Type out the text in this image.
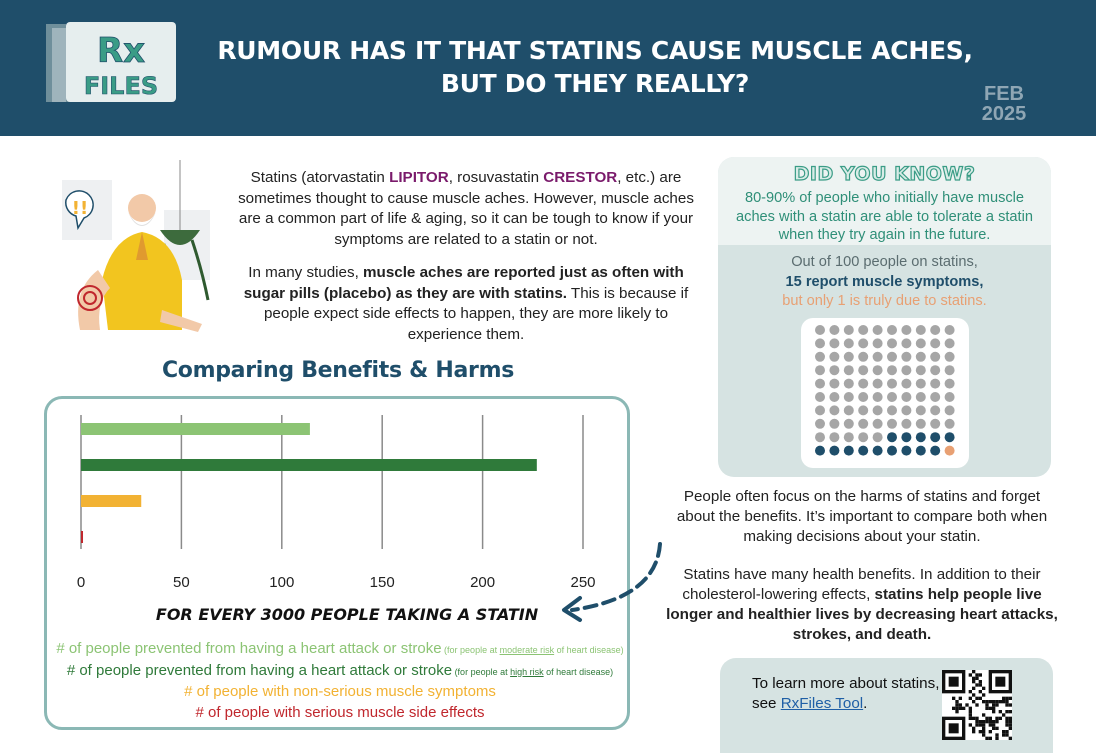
Rx
FILES
RUMOUR HAS IT THAT STATINS CAUSE MUSCLE ACHES,
BUT DO THEY REALLY?	FEB
2025
!!

Statins (atorvastatin LIPITOR, rosuvastatin CRESTOR, etc.) are sometimes thought to cause muscle aches. However, muscle aches are a common part of life & aging, so it can be tough to know if your symptoms are related to a statin or not.

In many studies, muscle aches are reported just as often with sugar pills (placebo) as they are with statins. This is because if people expect side effects to happen, they are more likely to experience them.

Comparing Benefits & Harms
0	50	100	150	200	250
FOR EVERY 3000 PEOPLE TAKING A STATIN
# of people prevented from having a heart attack or stroke (for people at moderate risk of heart disease)
# of people prevented from having a heart attack or stroke (for people at high risk of heart disease)
# of people with non-serious muscle symptoms
# of people with serious muscle side effects
DID YOU KNOW?
80-90% of people who initially have muscle aches with a statin are able to tolerate a statin when they try again in the future.
Out of 100 people on statins,
15 report muscle symptoms,
but only 1 is truly due to statins.
People often focus on the harms of statins and forget about the benefits. It’s important to compare both when making decisions about your statin.
Statins have many health benefits. In addition to their cholesterol-lowering effects, statins help people live longer and healthier lives by decreasing heart attacks, strokes, and death.
To learn more about statins, see RxFiles Tool.
